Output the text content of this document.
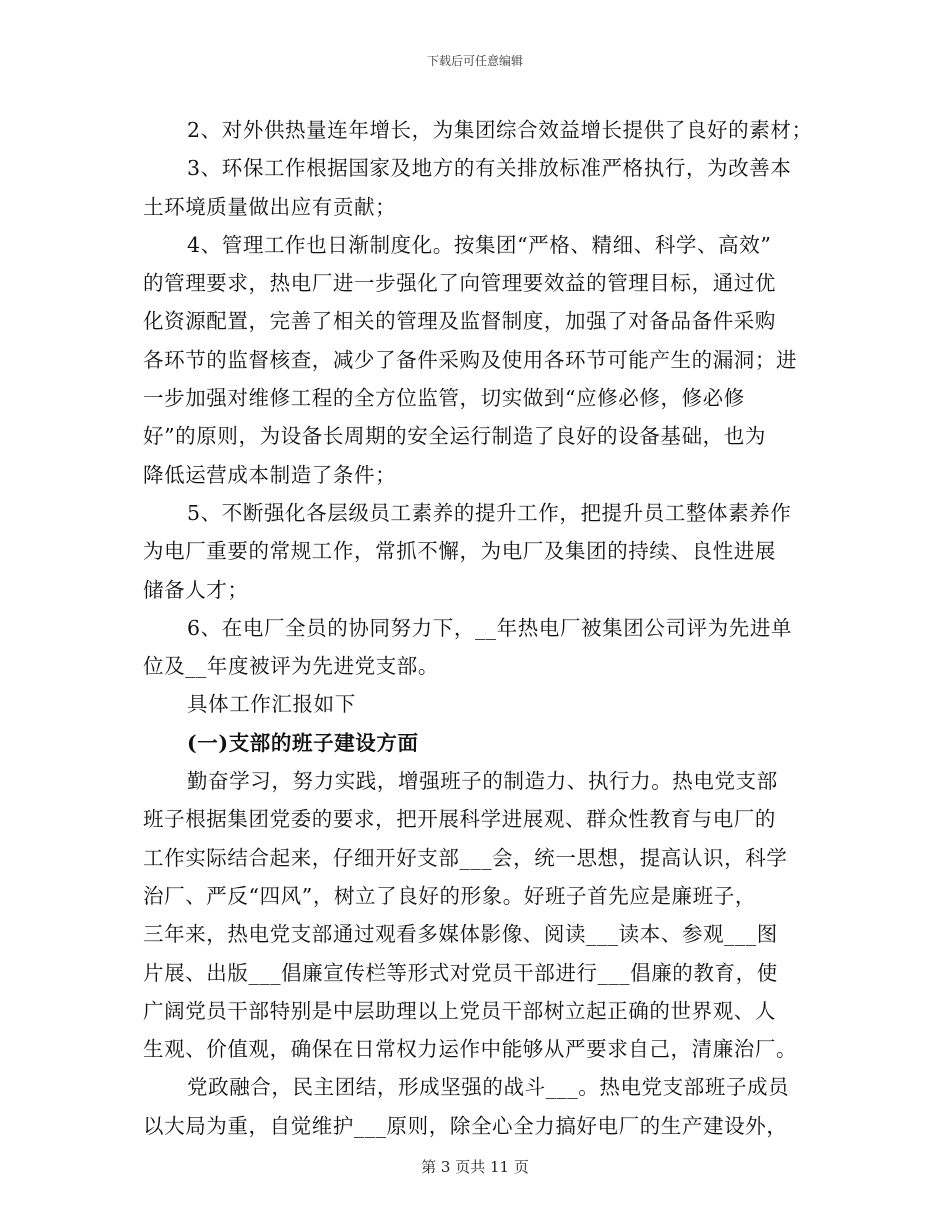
下载后可任意编辑
2、对外供热量连年增长，为集团综合效益增长提供了良好的素材；
3、环保工作根据国家及地方的有关排放标准严格执行，为改善本
土环境质量做出应有贡献；
4、管理工作也日渐制度化。按集团“严格、精细、科学、高效”
的管理要求，热电厂进一步强化了向管理要效益的管理目标，通过优
化资源配置，完善了相关的管理及监督制度，加强了对备品备件采购
各环节的监督核查，减少了备件采购及使用各环节可能产生的漏洞；进
一步加强对维修工程的全方位监管，切实做到“应修必修，修必修
好”的原则，为设备长周期的安全运行制造了良好的设备基础，也为
降低运营成本制造了条件；
5、不断强化各层级员工素养的提升工作，把提升员工整体素养作
为电厂重要的常规工作，常抓不懈，为电厂及集团的持续、良性进展
储备人才；
6、在电厂全员的协同努力下，__年热电厂被集团公司评为先进单
位及__年度被评为先进党支部。
具体工作汇报如下
(一)支部的班子建设方面
勤奋学习，努力实践，增强班子的制造力、执行力。热电党支部
班子根据集团党委的要求，把开展科学进展观、群众性教育与电厂的
工作实际结合起来，仔细开好支部___会，统一思想，提高认识，科学
治厂、严反“四风”，树立了良好的形象。好班子首先应是廉班子，
三年来，热电党支部通过观看多媒体影像、阅读___读本、参观___图
片展、出版___倡廉宣传栏等形式对党员干部进行___倡廉的教育，使
广阔党员干部特别是中层助理以上党员干部树立起正确的世界观、人
生观、价值观，确保在日常权力运作中能够从严要求自己，清廉治厂。
党政融合，民主团结，形成坚强的战斗___。热电党支部班子成员
以大局为重，自觉维护___原则，除全心全力搞好电厂的生产建设外，
第 3 页共 11 页
